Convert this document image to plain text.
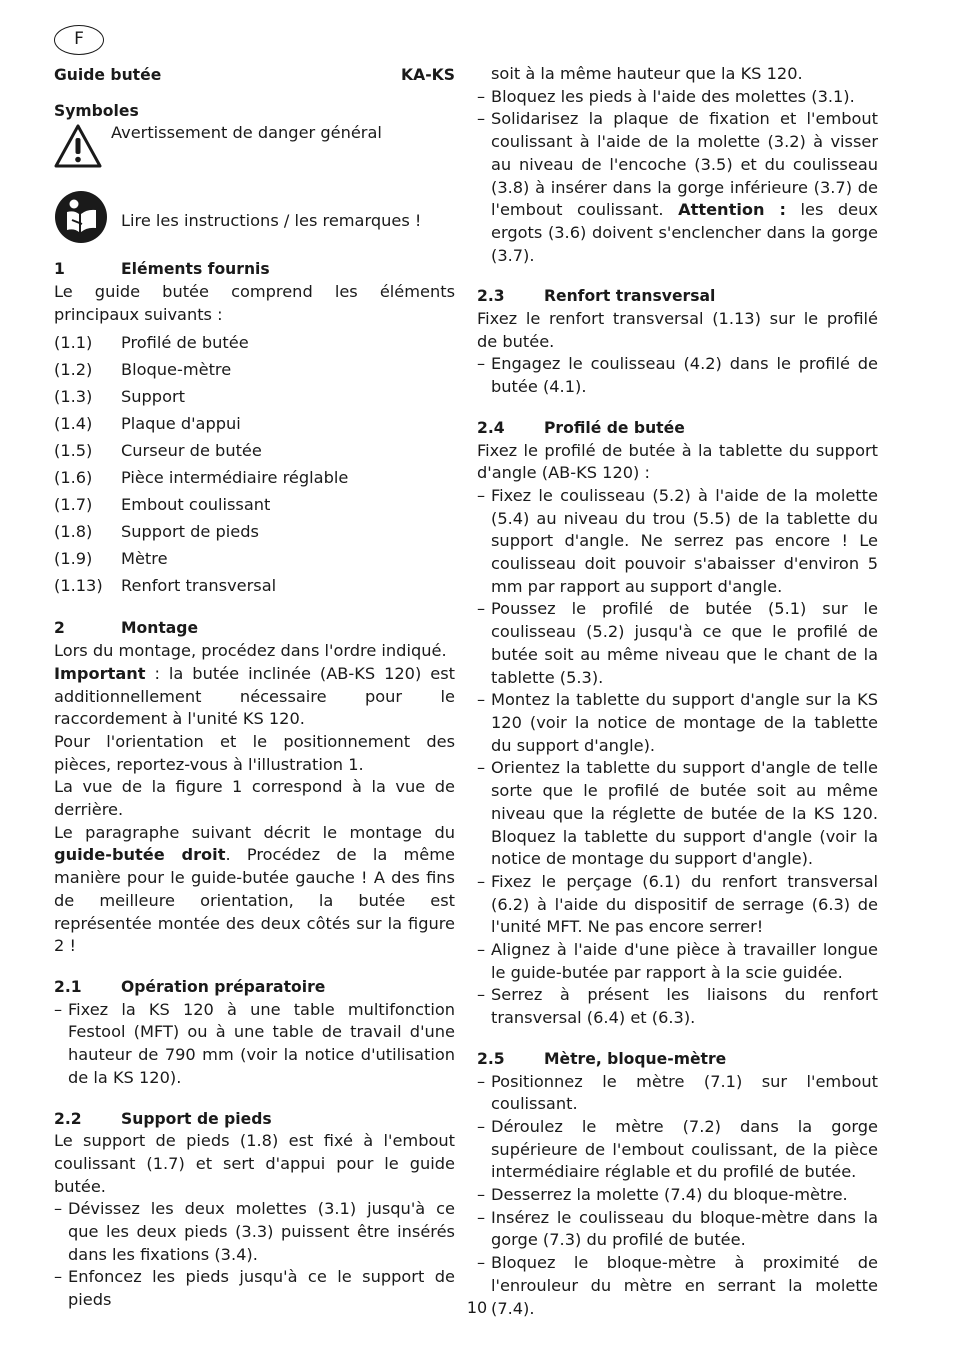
F
Guide butée	KA-KS
Symboles
Avertissement de danger général
Lire les instructions / les remarques !
1	Eléments fournis

Le guide butée comprend les éléments principaux suivants :

(1.1) Profilé de butée
(1.2) Bloque-mètre
(1.3) Support
(1.4) Plaque d'appui
(1.5) Curseur de butée
(1.6) Pièce intermédiaire réglable
(1.7) Embout coulissant
(1.8) Support de pieds
(1.9) Mètre
(1.13) Renfort transversal
2	Montage

Lors du montage, procédez dans l'ordre indiqué.

Important : la butée inclinée (AB-KS 120) est additionnellement nécessaire pour le raccordement à l'unité KS 120.

Pour l'orientation et le positionnement des pièces, reportez-vous à l'illustration 1.

La vue de la figure 1 correspond à la vue de derrière.

Le paragraphe suivant décrit le montage du guide-butée droit. Procédez de la même manière pour le guide-butée gauche ! A des fins de meilleure orientation, la butée est représentée montée des deux côtés sur la figure 2 !

2.1	Opération préparatoire
– Fixez la KS 120 à une table multifonction Festool (MFT) ou à une table de travail d'une hauteur de 790 mm (voir la notice d'utilisation de la KS 120).
2.2	Support de pieds

Le support de pieds (1.8) est fixé à l'embout coulissant (1.7) et sert d'appui pour le guide butée.

– Dévissez les deux molettes (3.1) jusqu'à ce que les deux pieds (3.3) puissent être insérés dans les fixations (3.4).
– Enfoncez les pieds jusqu'à ce le support de pieds
soit à la même hauteur que la KS 120.
– Bloquez les pieds à l'aide des molettes (3.1).
– Solidarisez la plaque de fixation et l'embout coulissant à l'aide de la molette (3.2) à visser au niveau de l'encoche (3.5) et du coulisseau (3.8) à insérer dans la gorge inférieure (3.7) de l'embout coulissant. Attention : les deux ergots (3.6) doivent s'enclencher dans la gorge (3.7).
2.3	Renfort transversal

Fixez le renfort transversal (1.13) sur le profilé de butée.

– Engagez le coulisseau (4.2) dans le profilé de butée (4.1).
2.4	Profilé de butée

Fixez le profilé de butée à la tablette du support d'angle (AB-KS 120) :

– Fixez le coulisseau (5.2) à l'aide de la molette (5.4) au niveau du trou (5.5) de la tablette du support d'angle. Ne serrez pas encore ! Le coulisseau doit pouvoir s'abaisser d'environ 5 mm par rapport au support d'angle.
– Poussez le profilé de butée (5.1) sur le coulisseau (5.2) jusqu'à ce que le profilé de butée soit au même niveau que le chant de la tablette (5.3).
– Montez la tablette du support d'angle sur la KS 120 (voir la notice de montage de la tablette du support d'angle).
– Orientez la tablette du support d'angle de telle sorte que le profilé de butée soit au même niveau que la réglette de butée de la KS 120. Bloquez la tablette du support d'angle (voir la notice de montage du support d'angle).
– Fixez le perçage (6.1) du renfort transversal (6.2) à l'aide du dispositif de serrage (6.3) de l'unité MFT. Ne pas encore serrer!
– Alignez à l'aide d'une pièce à travailler longue le guide-butée par rapport à la scie guidée.
– Serrez à présent les liaisons du renfort transversal (6.4) et (6.3).
2.5	Mètre, bloque-mètre
– Positionnez le mètre (7.1) sur l'embout coulissant.
– Déroulez le mètre (7.2) dans la gorge supérieure de l'embout coulissant, de la pièce intermédiaire réglable et du profilé de butée.
– Desserrez la molette (7.4) du bloque-mètre.
– Insérez le coulisseau du bloque-mètre dans la gorge (7.3) du profilé de butée.
– Bloquez le bloque-mètre à proximité de l'enrouleur du mètre en serrant la molette (7.4).
10
